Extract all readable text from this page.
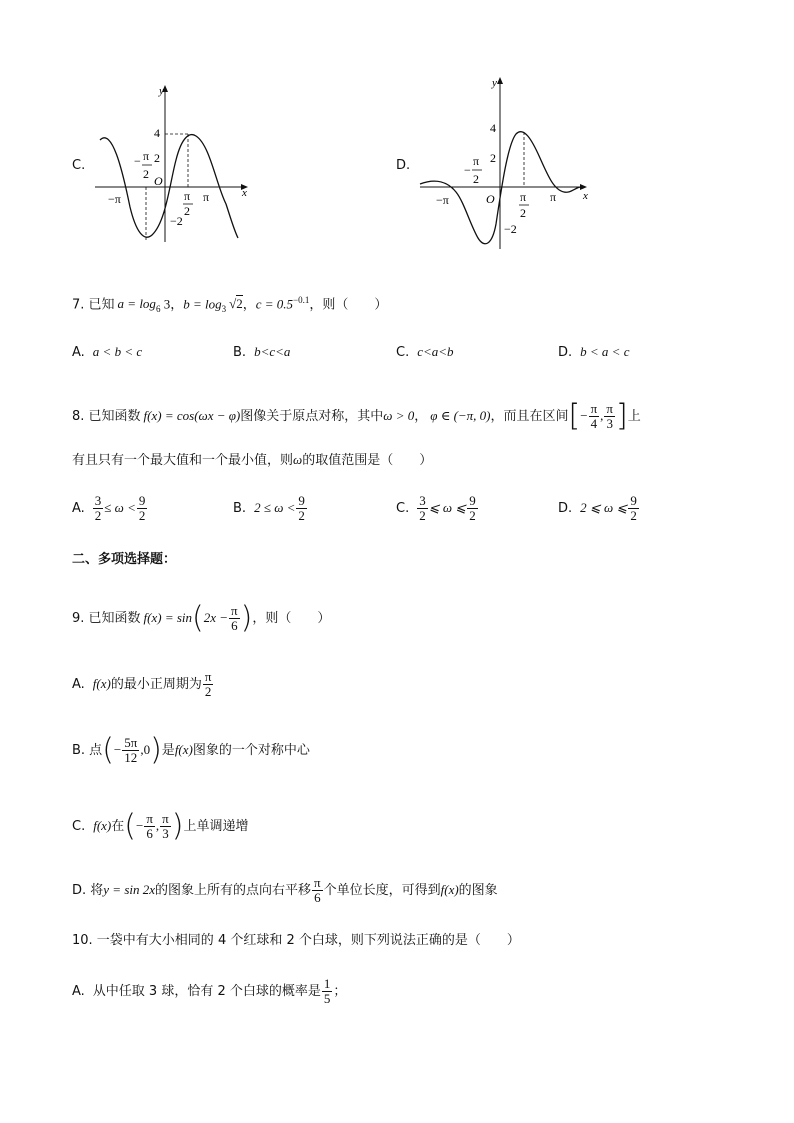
C.
y
x
O
4
2
−2
−π	π
− π
2
π
2
D.
y
x
O
4
2
−2
−π	π
−
π
2
π
2
7. 已知 $a = \log_6 3$，$b = \log_3 √2$，$c = 0.5^{-0.1}$，则（　　）
A. a < b < c	B. b<c<a	C. c<a<b	D. b < a < c
8. 已知函数 f(x) = cos(ωx − φ)图像关于原点对称，其中ω > 0， φ ∈ (−π, 0)，而且在区间[− $\frac{\pi}{4}$ , $\frac{\pi}{3}$ ]上
有且只有一个最大值和一个最小值，则ω的取值范围是（　　）
A. $\frac{3}{2} \le \omega < \frac{9}{2}$	B. $2 \le \omega < \frac{9}{2}$	C. $\frac{3}{2}$ ⩽ ω ⩽ $\frac{9}{2}$	D. 2 ⩽ ω ⩽ $\frac{9}{2}$
二、多项选择题：
9. 已知函数 $f(x) = \sin(2x - \frac{\pi}{6}$ )，则（　　）
A. f(x)的最小正周期为 $\frac{\pi}{2}$
B. 点(− $\frac{5\pi}{12} ,0$)是f(x)图象的一个对称中心
C. f(x)在(− $\frac{\pi}{6}$ , $\frac{\pi}{3}$ )上单调递增
D. 将y = sin 2x的图象上所有的点向右平移 $\frac{\pi}{6}$ 个单位长度，可得到f(x)的图象
10. 一袋中有大小相同的 4 个红球和 2 个白球，则下列说法正确的是（　　）
A. 从中任取 3 球，恰有 2 个白球的概率是 $\frac{1}{5}$ ；
